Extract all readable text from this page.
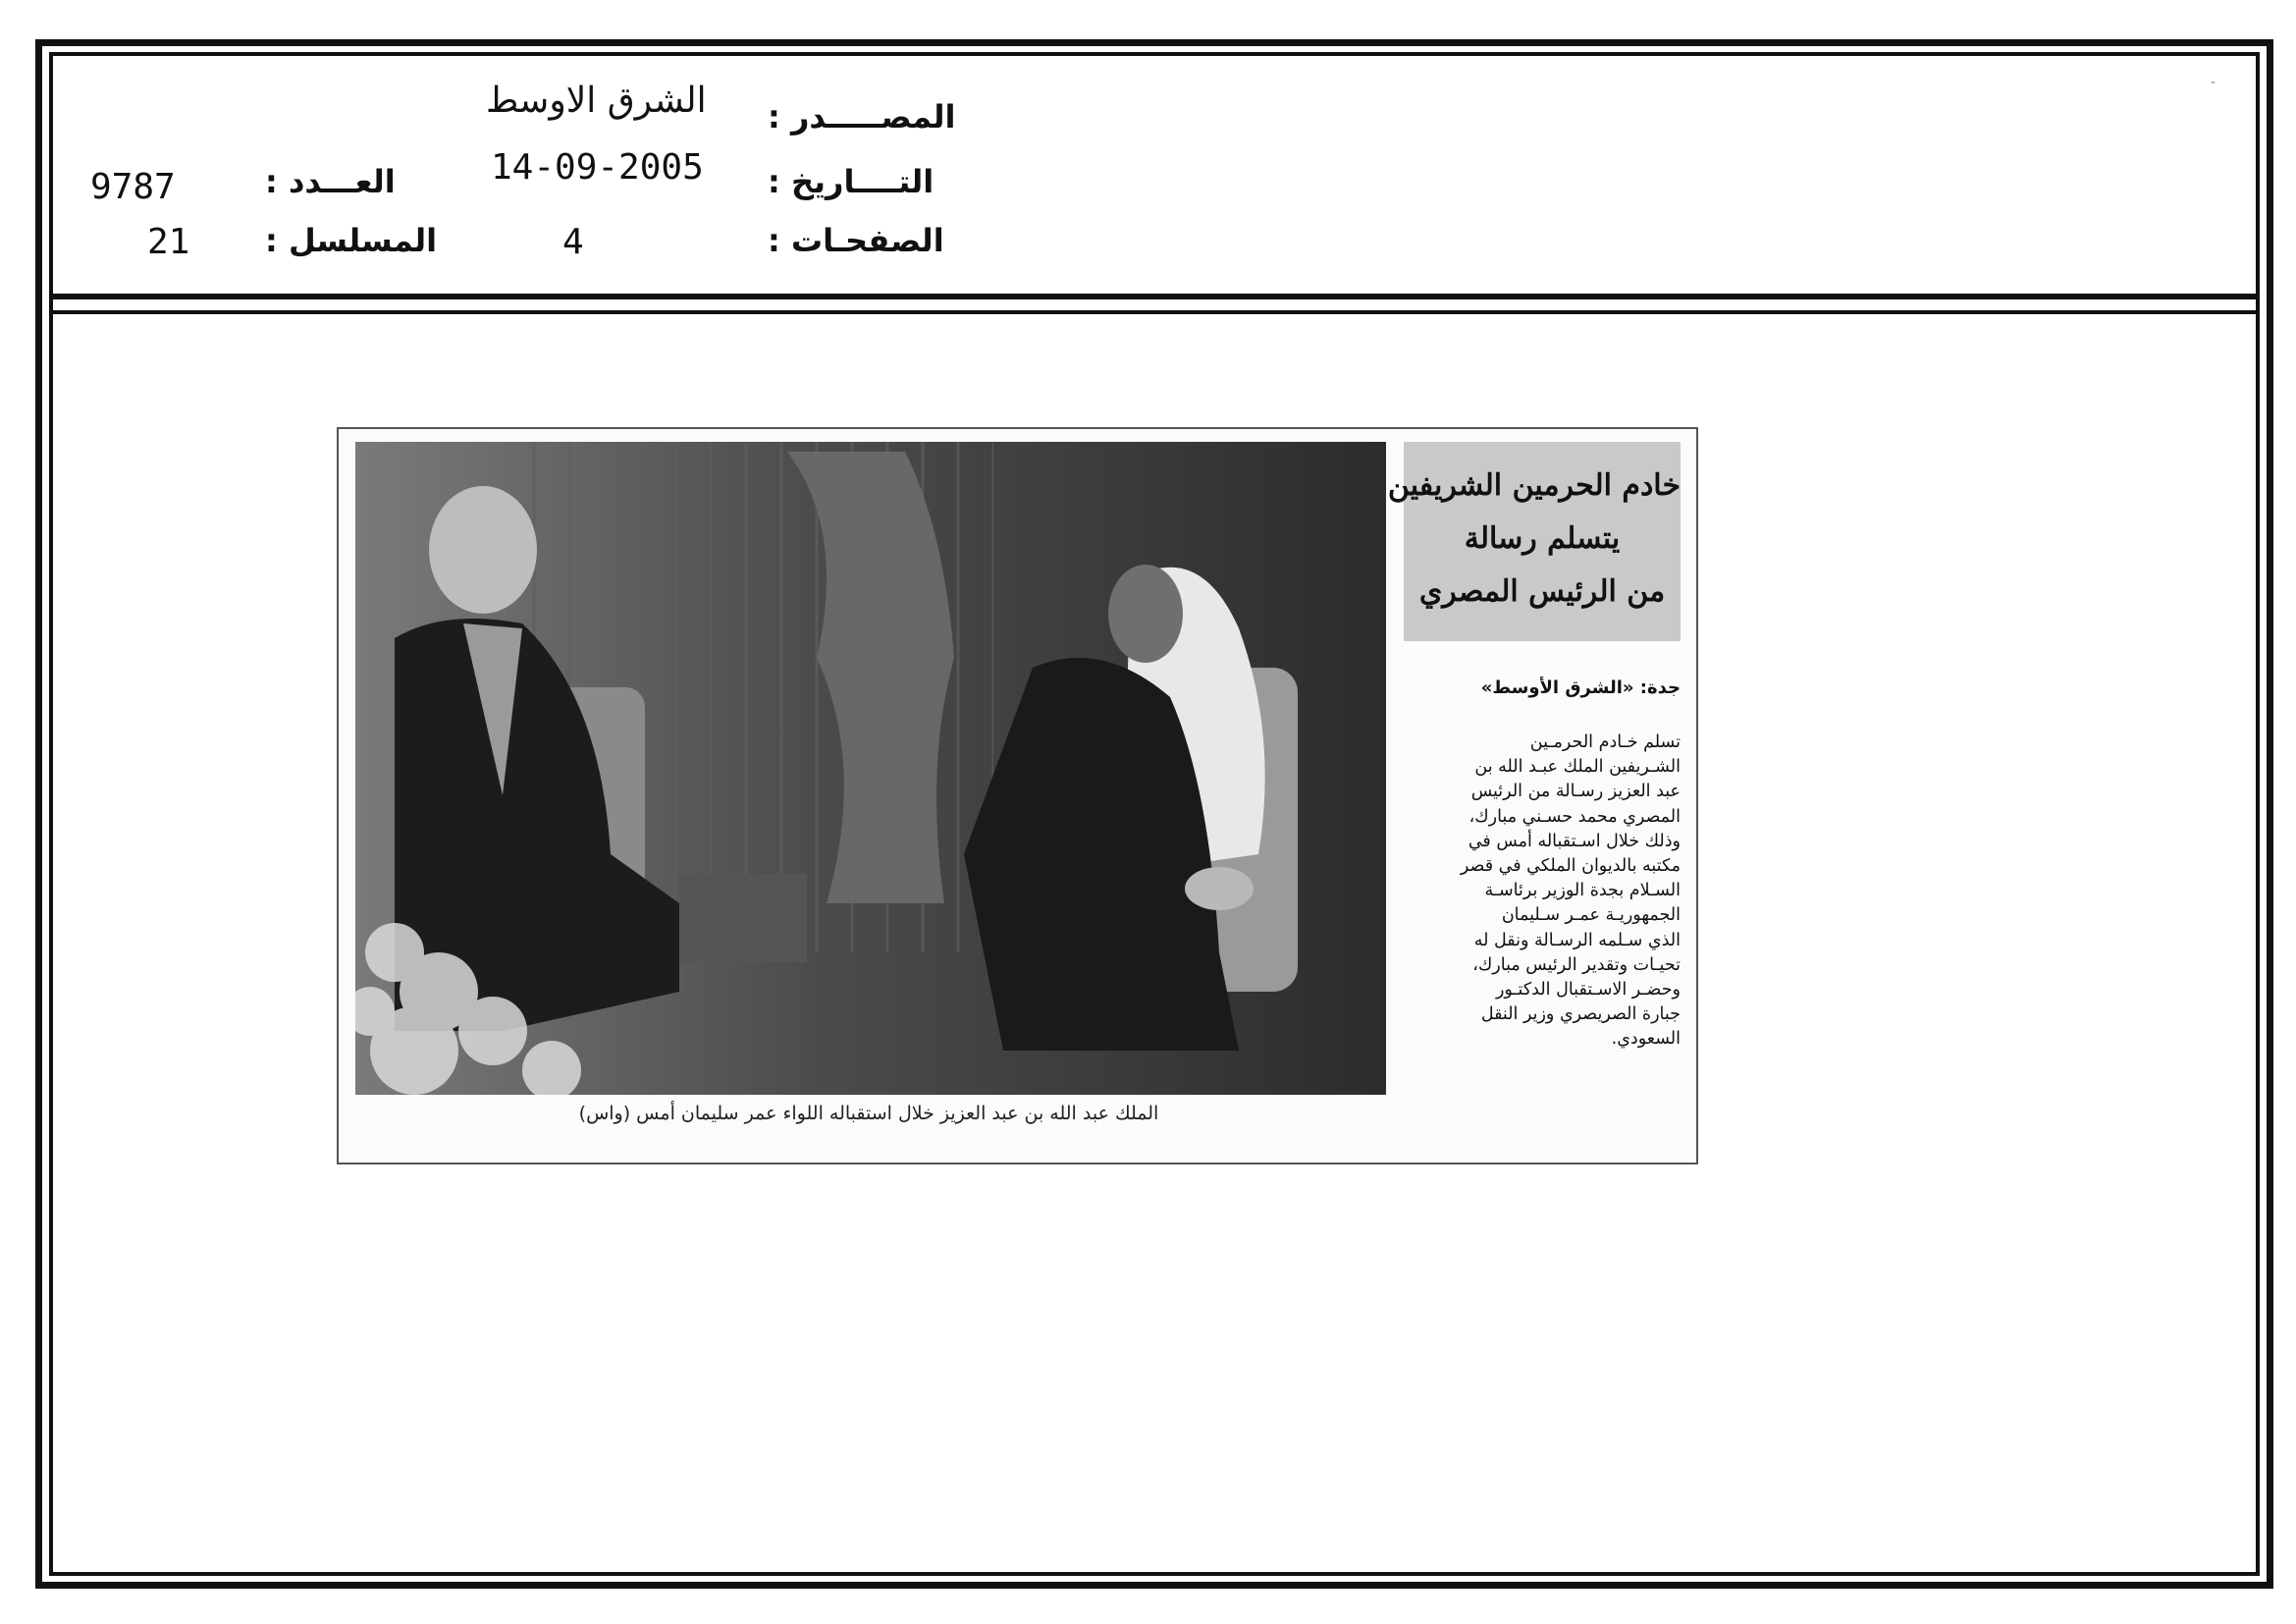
-
المصـــــدر :
الشرق الاوسط
التــــاريخ :
14-09-2005
الصفحـات :
4
العـــدد :
9787
المسلسل :
21
الملك عبد الله بن عبد العزيز خلال استقباله اللواء عمر سليمان أمس (واس)
خادم الحرمين الشريفين
يتسلم رسالة
من الرئيس المصري
جدة: «الشرق الأوسط»
تسلم خـادم الحرمـين
الشـريفين الملك عبـد الله بن
عبد العزيز رسـالة من الرئيس
المصري محمد حسـني مبارك،
وذلك خلال اسـتقباله أمس في
مكتبه بالديوان الملكي في قصر
السـلام بجدة الوزير برئاسـة
الجمهوريـة عمـر سـليمان
الذي سـلمه الرسـالة ونقل له
تحيـات وتقدير الرئيس مبارك،
وحضـر الاسـتقبال الدكتـور
جبارة الصريصري وزير النقل
السعودي.
